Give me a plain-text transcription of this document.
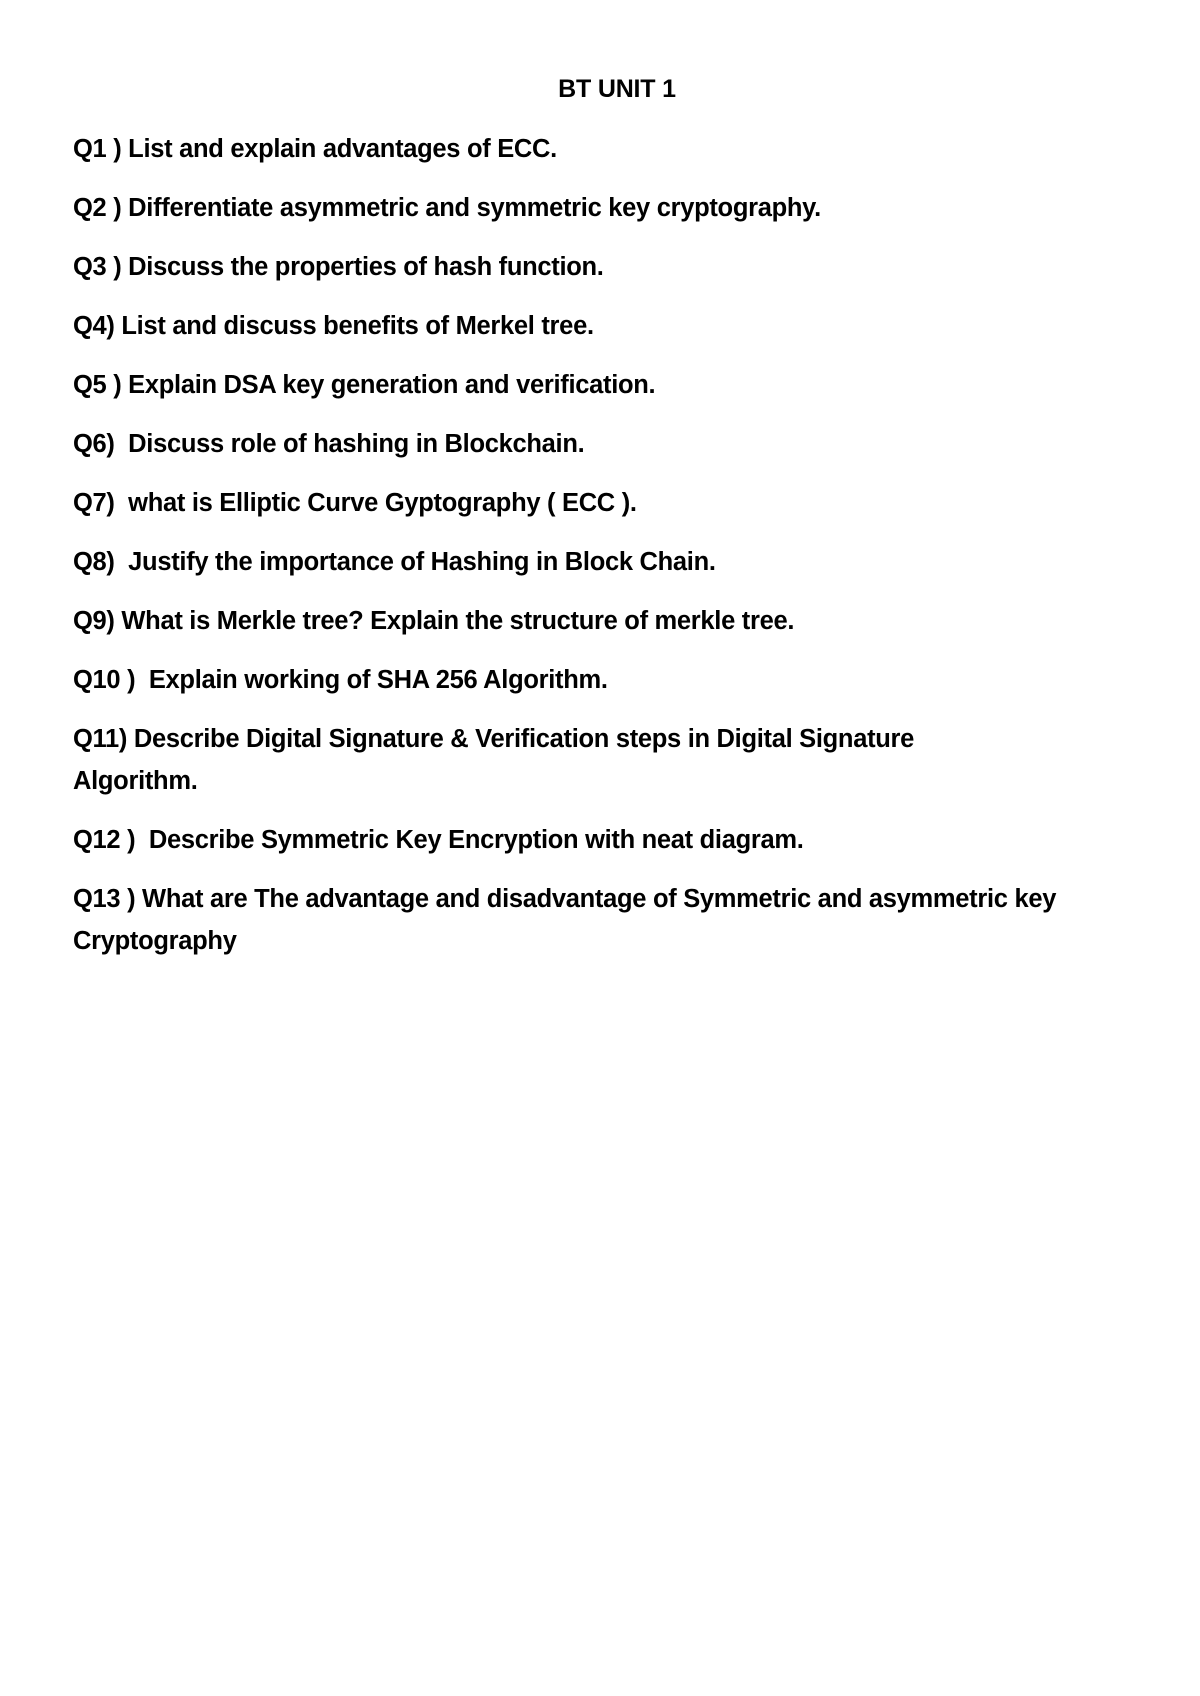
BT UNIT 1
Q1 ) List and explain advantages of ECC.
Q2 ) Differentiate asymmetric and symmetric key cryptography.
Q3 ) Discuss the properties of hash function.
Q4) List and discuss benefits of Merkel tree.
Q5 ) Explain DSA key generation and verification.
Q6)  Discuss role of hashing in Blockchain.
Q7)  what is Elliptic Curve Gyptography ( ECC ).
Q8)  Justify the importance of Hashing in Block Chain.
Q9) What is Merkle tree? Explain the structure of merkle tree.
Q10 )  Explain working of SHA 256 Algorithm.
Q11) Describe Digital Signature & Verification steps in Digital Signature Algorithm.
Q12 )  Describe Symmetric Key Encryption with neat diagram.
Q13 ) What are The advantage and disadvantage of Symmetric and asymmetric key Cryptography
